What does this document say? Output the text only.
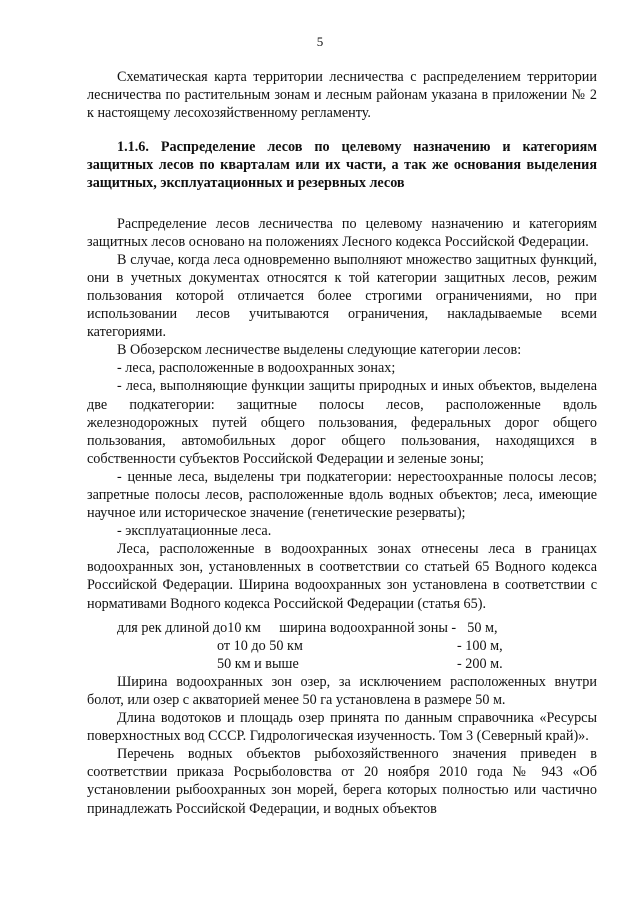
5

Схематическая карта территории лесничества с распределением территории лесничества по растительным зонам и лесным районам указана в приложении № 2 к настоящему лесохозяйственному регламенту.

1.1.6. Распределение лесов по целевому назначению и категориям защитных лесов по кварталам или их части, а так же основания выделения защитных, эксплуатационных и резервных лесов

Распределение лесов лесничества по целевому назначению и категориям защитных лесов основано на положениях Лесного кодекса Российской Федерации.

В случае, когда леса одновременно выполняют множество защитных функций, они в учетных документах относятся к той категории защитных лесов, режим пользования которой отличается более строгими ограничениями, но при использовании лесов учитываются ограничения, накладываемые всеми категориями.

В Обозерском лесничестве выделены следующие категории лесов:

- леса, расположенные в водоохранных зонах;

- леса, выполняющие функции защиты природных и иных объектов, выделена две подкатегории: защитные полосы лесов, расположенные вдоль железнодорожных путей общего пользования, федеральных дорог общего пользования, автомобильных дорог общего пользования, находящихся в собственности субъектов Российской Федерации и зеленые зоны;

- ценные леса, выделены три подкатегории: нерестоохранные полосы лесов; запретные полосы лесов, расположенные вдоль водных объектов; леса, имеющие научное или историческое значение (генетические резерваты);

- эксплуатационные леса.

Леса, расположенные в водоохранных зонах отнесены леса в границах водоохранных зон, установленных в соответствии со статьей 65 Водного кодекса Российской Федерации. Ширина водоохранных зон установлена в соответствии с нормативами Водного кодекса Российской Федерации (статья 65).

для рек длиной до 10 км	ширина водоохранной зоны - 50 м,
от 10 до 50 км	- 100 м,
50 км и выше	- 200 м.

Ширина водоохранных зон озер, за исключением расположенных внутри болот, или озер с акваторией менее 50 га установлена в размере 50 м.

Длина водотоков и площадь озер принята по данным справочника «Ресурсы поверхностных вод СССР. Гидрологическая изученность. Том 3 (Северный край)».

Перечень водных объектов рыбохозяйственного значения приведен в соответствии приказа Росрыболовства от 20 ноября 2010 года № 943 «Об установлении рыбоохранных зон морей, берега которых полностью или частично принадлежать Российской Федерации, и водных объектов
